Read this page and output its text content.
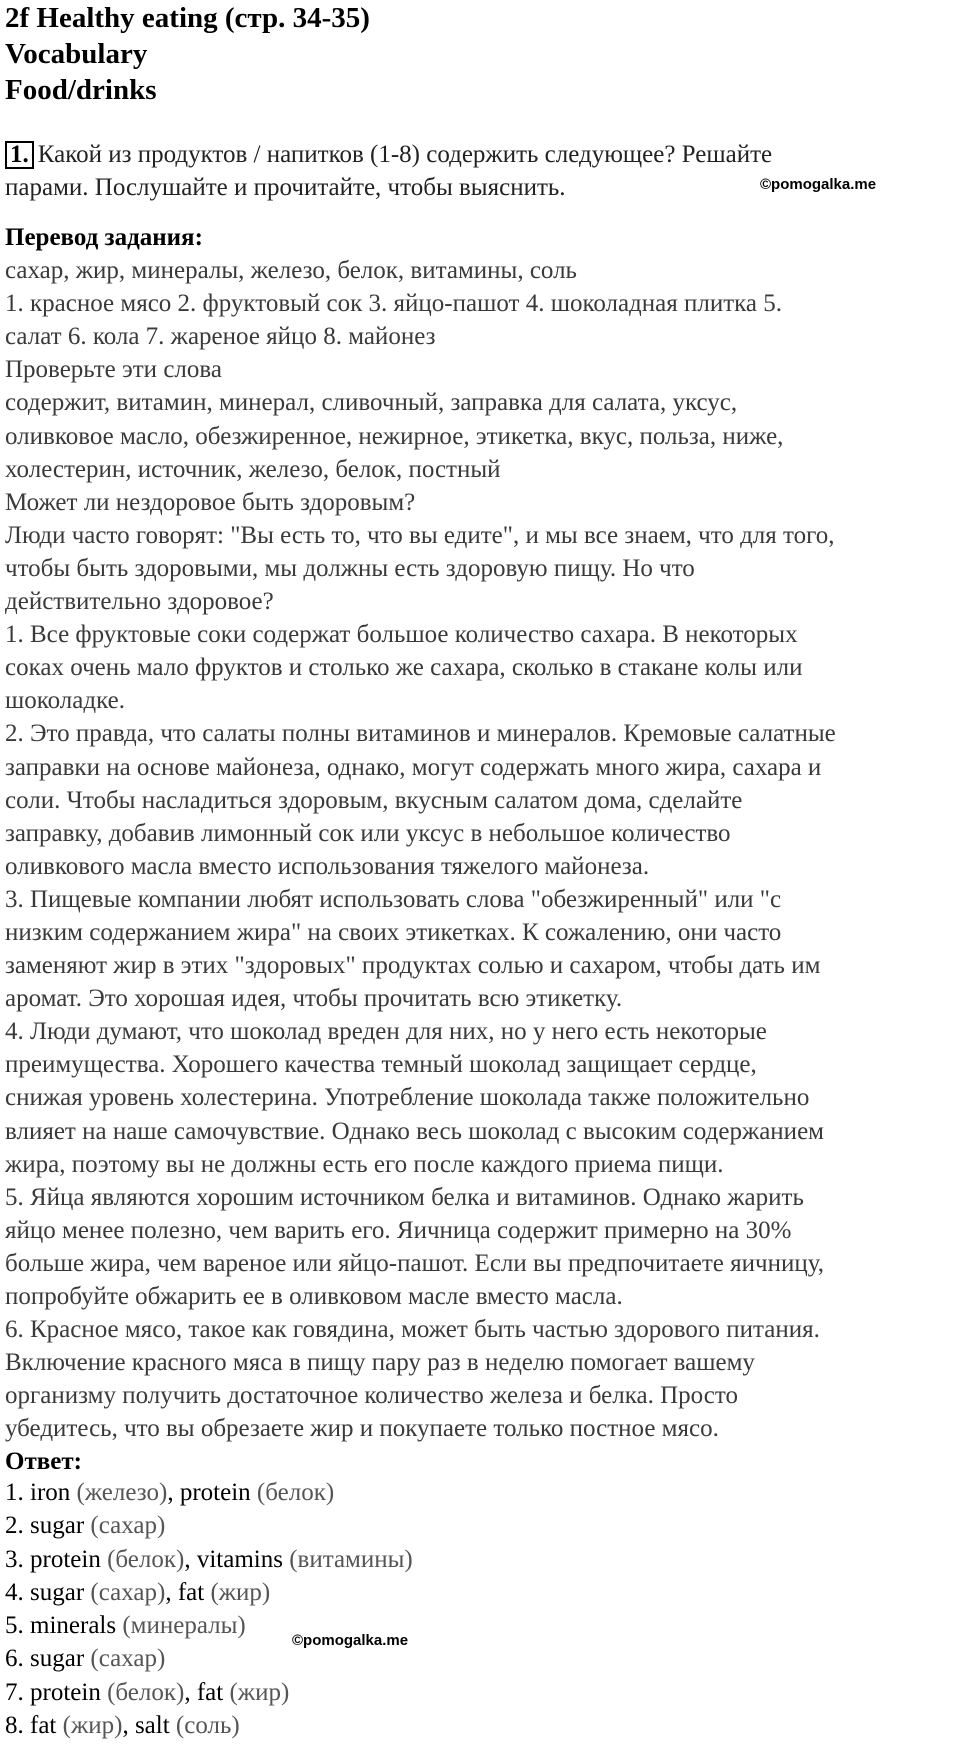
2f Healthy eating (стр. 34-35)
Vocabulary
Food/drinks
1. Какой из продуктов / напитков (1-8) содержить следующее? Решайте
парами. Послушайте и прочитайте, чтобы выяснить.	©pomogalka.me
Перевод задания:
сахар, жир, минералы, железо, белок, витамины, соль
1. красное мясо 2. фруктовый сок 3. яйцо-пашот 4. шоколадная плитка 5.
салат 6. кола 7. жареное яйцо 8. майонез
Проверьте эти слова
содержит, витамин, минерал, сливочный, заправка для салата, уксус,
оливковое масло, обезжиренное, нежирное, этикетка, вкус, польза, ниже,
холестерин, источник, железо, белок, постный
Может ли нездоровое быть здоровым?
Люди часто говорят: "Вы есть то, что вы едите", и мы все знаем, что для того,
чтобы быть здоровыми, мы должны есть здоровую пищу. Но что
действительно здоровое?
1. Все фруктовые соки содержат большое количество сахара. В некоторых
соках очень мало фруктов и столько же сахара, сколько в стакане колы или
шоколадке.
2. Это правда, что салаты полны витаминов и минералов. Кремовые салатные
заправки на основе майонеза, однако, могут содержать много жира, сахара и
соли. Чтобы насладиться здоровым, вкусным салатом дома, сделайте
заправку, добавив лимонный сок или уксус в небольшое количество
оливкового масла вместо использования тяжелого майонеза.
3. Пищевые компании любят использовать слова "обезжиренный" или "с
низким содержанием жира" на своих этикетках. К сожалению, они часто
заменяют жир в этих "здоровых" продуктах солью и сахаром, чтобы дать им
аромат. Это хорошая идея, чтобы прочитать всю этикетку.
4. Люди думают, что шоколад вреден для них, но у него есть некоторые
преимущества. Хорошего качества темный шоколад защищает сердце,
снижая уровень холестерина. Употребление шоколада также положительно
влияет на наше самочувствие. Однако весь шоколад с высоким содержанием
жира, поэтому вы не должны есть его после каждого приема пищи.
5. Яйца являются хорошим источником белка и витаминов. Однако жарить
яйцо менее полезно, чем варить его. Яичница содержит примерно на 30%
больше жира, чем вареное или яйцо-пашот. Если вы предпочитаете яичницу,
попробуйте обжарить ее в оливковом масле вместо масла.
6. Красное мясо, такое как говядина, может быть частью здорового питания.
Включение красного мяса в пищу пару раз в неделю помогает вашему
организму получить достаточное количество железа и белка. Просто
убедитесь, что вы обрезаете жир и покупаете только постное мясо.
Ответ:
1. iron (железо), protein (белок)
2. sugar (сахар)
3. protein (белок), vitamins (витамины)
4. sugar (сахар), fat (жир)
5. minerals (минералы)
6. sugar (сахар)
7. protein (белок), fat (жир)
8. fat (жир), salt (соль)
©pomogalka.me
